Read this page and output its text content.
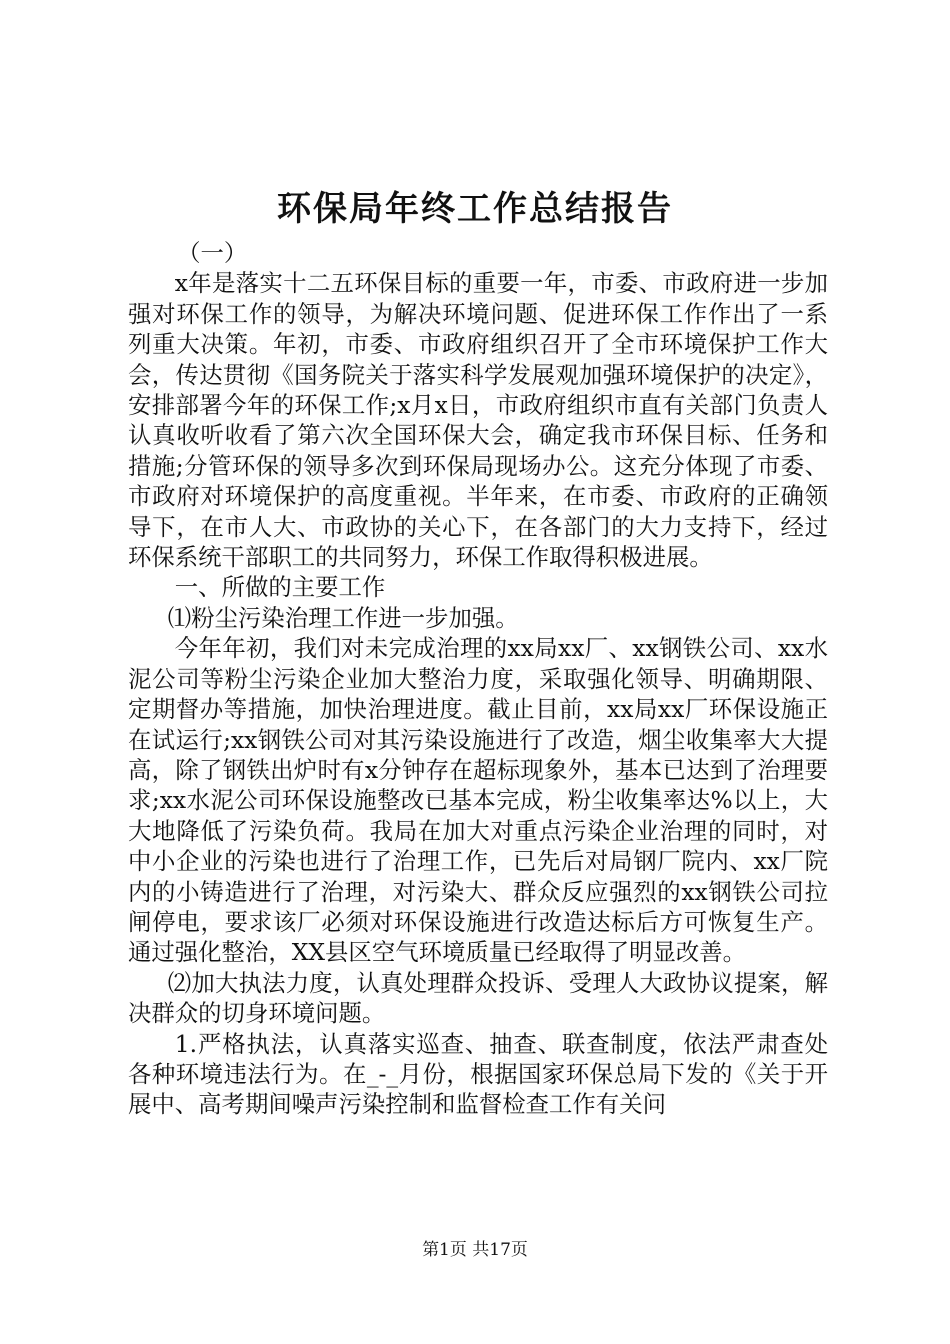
环保局年终工作总结报告

（一）

x年是落实十二五环保目标的重要一年，市委、市政府进一步加强对环保工作的领导，为解决环境问题、促进环保工作作出了一系列重大决策。年初，市委、市政府组织召开了全市环境保护工作大会，传达贯彻《国务院关于落实科学发展观加强环境保护的决定》，安排部署今年的环保工作;x月x日，市政府组织市直有关部门负责人认真收听收看了第六次全国环保大会，确定我市环保目标、任务和措施;分管环保的领导多次到环保局现场办公。这充分体现了市委、市政府对环境保护的高度重视。半年来，在市委、市政府的正确领导下，在市人大、市政协的关心下，在各部门的大力支持下，经过环保系统干部职工的共同努力，环保工作取得积极进展。

一、所做的主要工作

⑴粉尘污染治理工作进一步加强。

今年年初，我们对未完成治理的xx局xx厂、xx钢铁公司、xx水泥公司等粉尘污染企业加大整治力度，采取强化领导、明确期限、定期督办等措施，加快治理进度。截止目前，xx局xx厂环保设施正在试运行;xx钢铁公司对其污染设施进行了改造，烟尘收集率大大提高，除了钢铁出炉时有x分钟存在超标现象外，基本已达到了治理要求;xx水泥公司环保设施整改已基本完成，粉尘收集率达%以上，大大地降低了污染负荷。我局在加大对重点污染企业治理的同时，对中小企业的污染也进行了治理工作，已先后对局钢厂院内、xx厂院内的小铸造进行了治理，对污染大、群众反应强烈的xx钢铁公司拉闸停电，要求该厂必须对环保设施进行改造达标后方可恢复生产。通过强化整治，XX县区空气环境质量已经取得了明显改善。

⑵加大执法力度，认真处理群众投诉、受理人大政协议提案，解决群众的切身环境问题。

1.严格执法，认真落实巡查、抽查、联查制度，依法严肃查处各种环境违法行为。在_-_月份，根据国家环保总局下发的《关于开展中、高考期间噪声污染控制和监督检查工作有关问

第1页 共17页
